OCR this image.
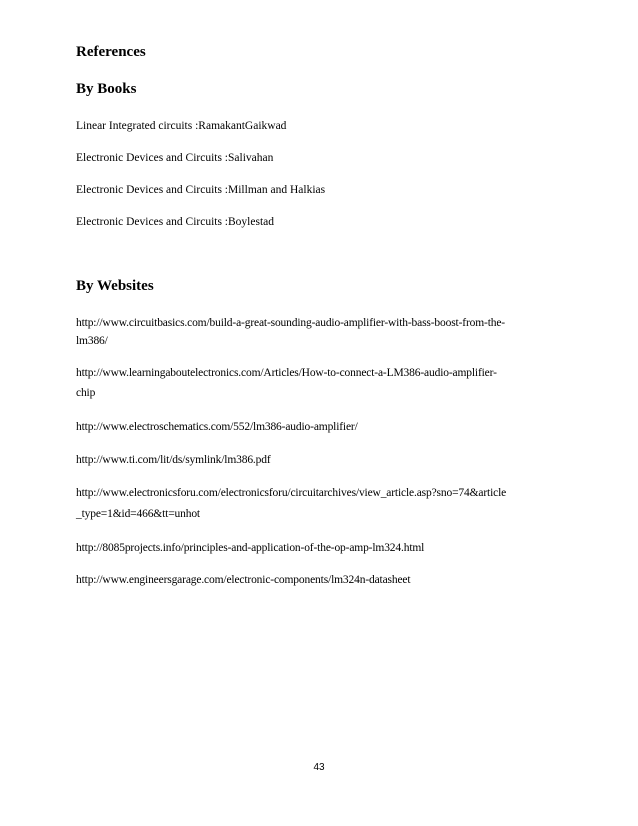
References
By Books
Linear Integrated circuits :RamakantGaikwad
Electronic Devices and Circuits :Salivahan
Electronic Devices and Circuits :Millman and Halkias
Electronic Devices and Circuits :Boylestad
By Websites
http://www.circuitbasics.com/build-a-great-sounding-audio-amplifier-with-bass-boost-from-the-
lm386/
http://www.learningaboutelectronics.com/Articles/How-to-connect-a-LM386-audio-amplifier-
chip
http://www.electroschematics.com/552/lm386-audio-amplifier/
http://www.ti.com/lit/ds/symlink/lm386.pdf
http://www.electronicsforu.com/electronicsforu/circuitarchives/view_article.asp?sno=74&article
_type=1&id=466&tt=unhot
http://8085projects.info/principles-and-application-of-the-op-amp-lm324.html
http://www.engineersgarage.com/electronic-components/lm324n-datasheet
43
